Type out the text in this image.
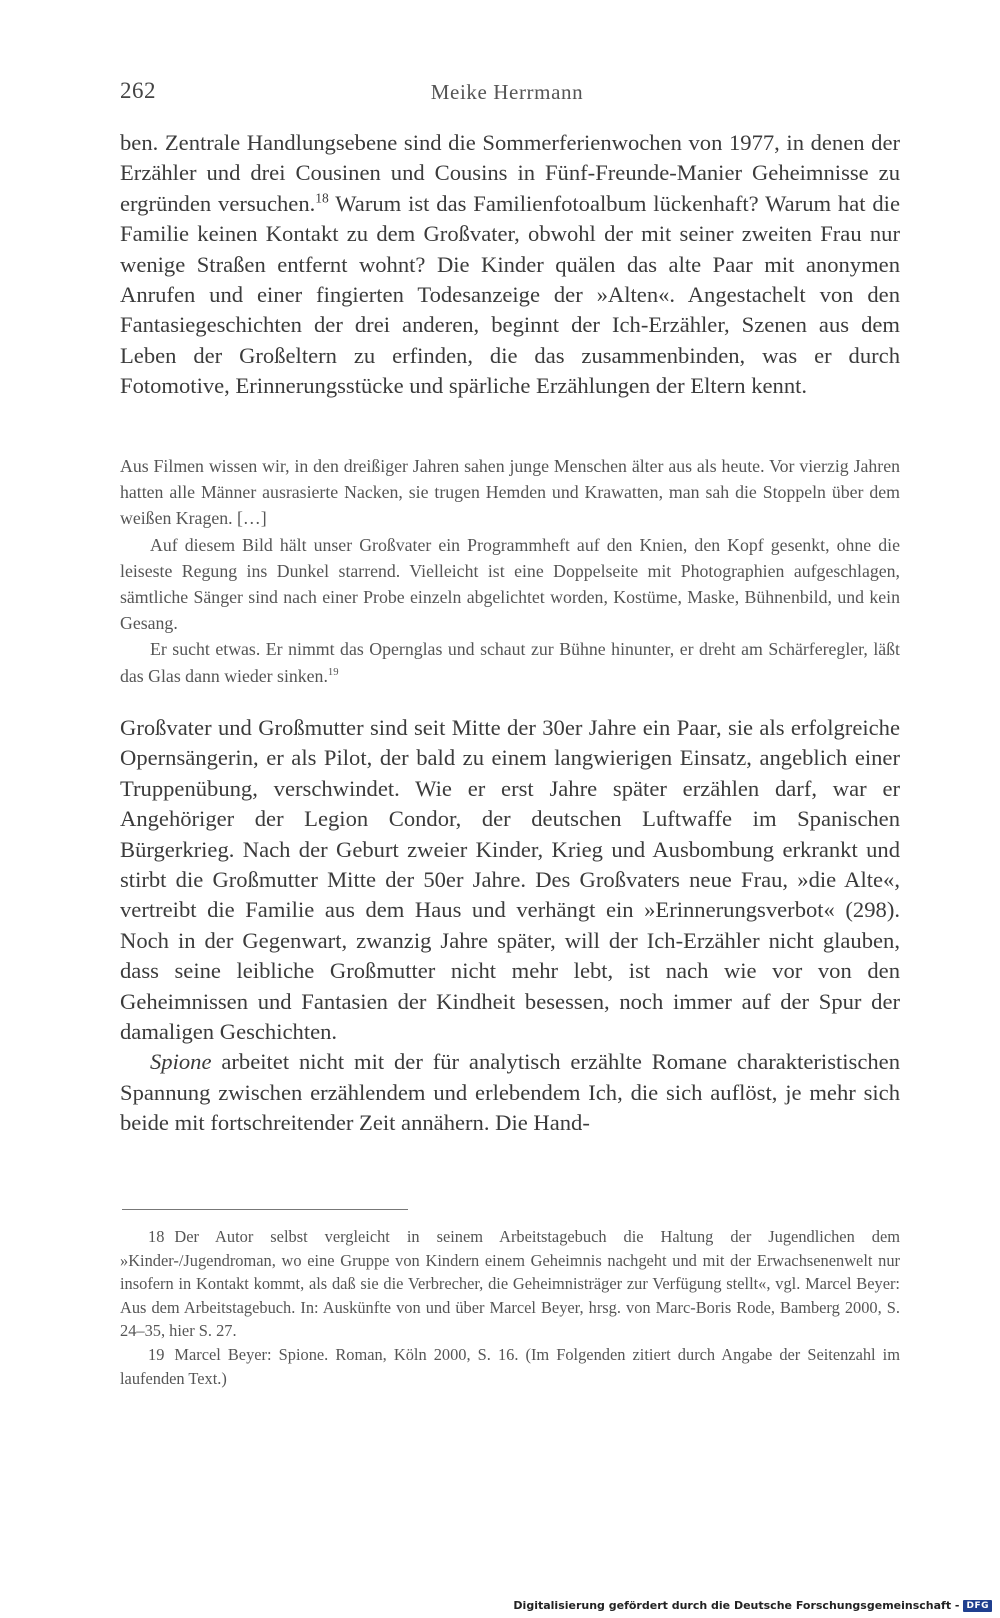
262	Meike Herrmann

ben. Zentrale Handlungsebene sind die Sommerferienwochen von 1977, in denen der Erzähler und drei Cousinen und Cousins in Fünf-Freunde-Manier Geheimnisse zu ergründen versuchen.$^{18}$ Warum ist das Familienfotoalbum lückenhaft? Warum hat die Familie keinen Kontakt zu dem Großvater, obwohl der mit seiner zweiten Frau nur wenige Straßen entfernt wohnt? Die Kinder quälen das alte Paar mit anonymen Anrufen und einer fingierten Todesanzeige der »Alten«. Angestachelt von den Fantasiegeschichten der drei anderen, beginnt der Ich-Erzähler, Szenen aus dem Leben der Großeltern zu erfinden, die das zusammenbinden, was er durch Fotomotive, Erinnerungsstücke und spärliche Erzählungen der Eltern kennt.

Aus Filmen wissen wir, in den dreißiger Jahren sahen junge Menschen älter aus als heute. Vor vierzig Jahren hatten alle Männer ausrasierte Nacken, sie trugen Hemden und Krawatten, man sah die Stoppeln über dem weißen Kragen. […]

Auf diesem Bild hält unser Großvater ein Programmheft auf den Knien, den Kopf gesenkt, ohne die leiseste Regung ins Dunkel starrend. Vielleicht ist eine Doppelseite mit Photographien aufgeschlagen, sämtliche Sänger sind nach einer Probe einzeln abgelichtet worden, Kostüme, Maske, Bühnenbild, und kein Gesang.

Er sucht etwas. Er nimmt das Opernglas und schaut zur Bühne hinunter, er dreht am Schärferegler, läßt das Glas dann wieder sinken.$^{19}$

Großvater und Großmutter sind seit Mitte der 30er Jahre ein Paar, sie als erfolgreiche Opernsängerin, er als Pilot, der bald zu einem langwierigen Einsatz, angeblich einer Truppenübung, verschwindet. Wie er erst Jahre später erzählen darf, war er Angehöriger der Legion Condor, der deutschen Luftwaffe im Spanischen Bürgerkrieg. Nach der Geburt zweier Kinder, Krieg und Ausbombung erkrankt und stirbt die Großmutter Mitte der 50er Jahre. Des Großvaters neue Frau, »die Alte«, vertreibt die Familie aus dem Haus und verhängt ein »Erinnerungsverbot« (298). Noch in der Gegenwart, zwanzig Jahre später, will der Ich-Erzähler nicht glauben, dass seine leibliche Großmutter nicht mehr lebt, ist nach wie vor von den Geheimnissen und Fantasien der Kindheit besessen, noch immer auf der Spur der damaligen Geschichten.

Spione arbeitet nicht mit der für analytisch erzählte Romane charakteristischen Spannung zwischen erzählendem und erlebendem Ich, die sich auflöst, je mehr sich beide mit fortschreitender Zeit annähern. Die Hand-

18 Der Autor selbst vergleicht in seinem Arbeitstagebuch die Haltung der Jugendlichen dem »Kinder-/Jugendroman, wo eine Gruppe von Kindern einem Geheimnis nachgeht und mit der Erwachsenenwelt nur insofern in Kontakt kommt, als daß sie die Verbrecher, die Geheimnisträger zur Verfügung stellt«, vgl. Marcel Beyer: Aus dem Arbeitstagebuch. In: Auskünfte von und über Marcel Beyer, hrsg. von Marc-Boris Rode, Bamberg 2000, S. 24–35, hier S. 27.

19 Marcel Beyer: Spione. Roman, Köln 2000, S. 16. (Im Folgenden zitiert durch Angabe der Seitenzahl im laufenden Text.)

Digitalisierung gefördert durch die Deutsche Forschungsgemeinschaft - DFG
